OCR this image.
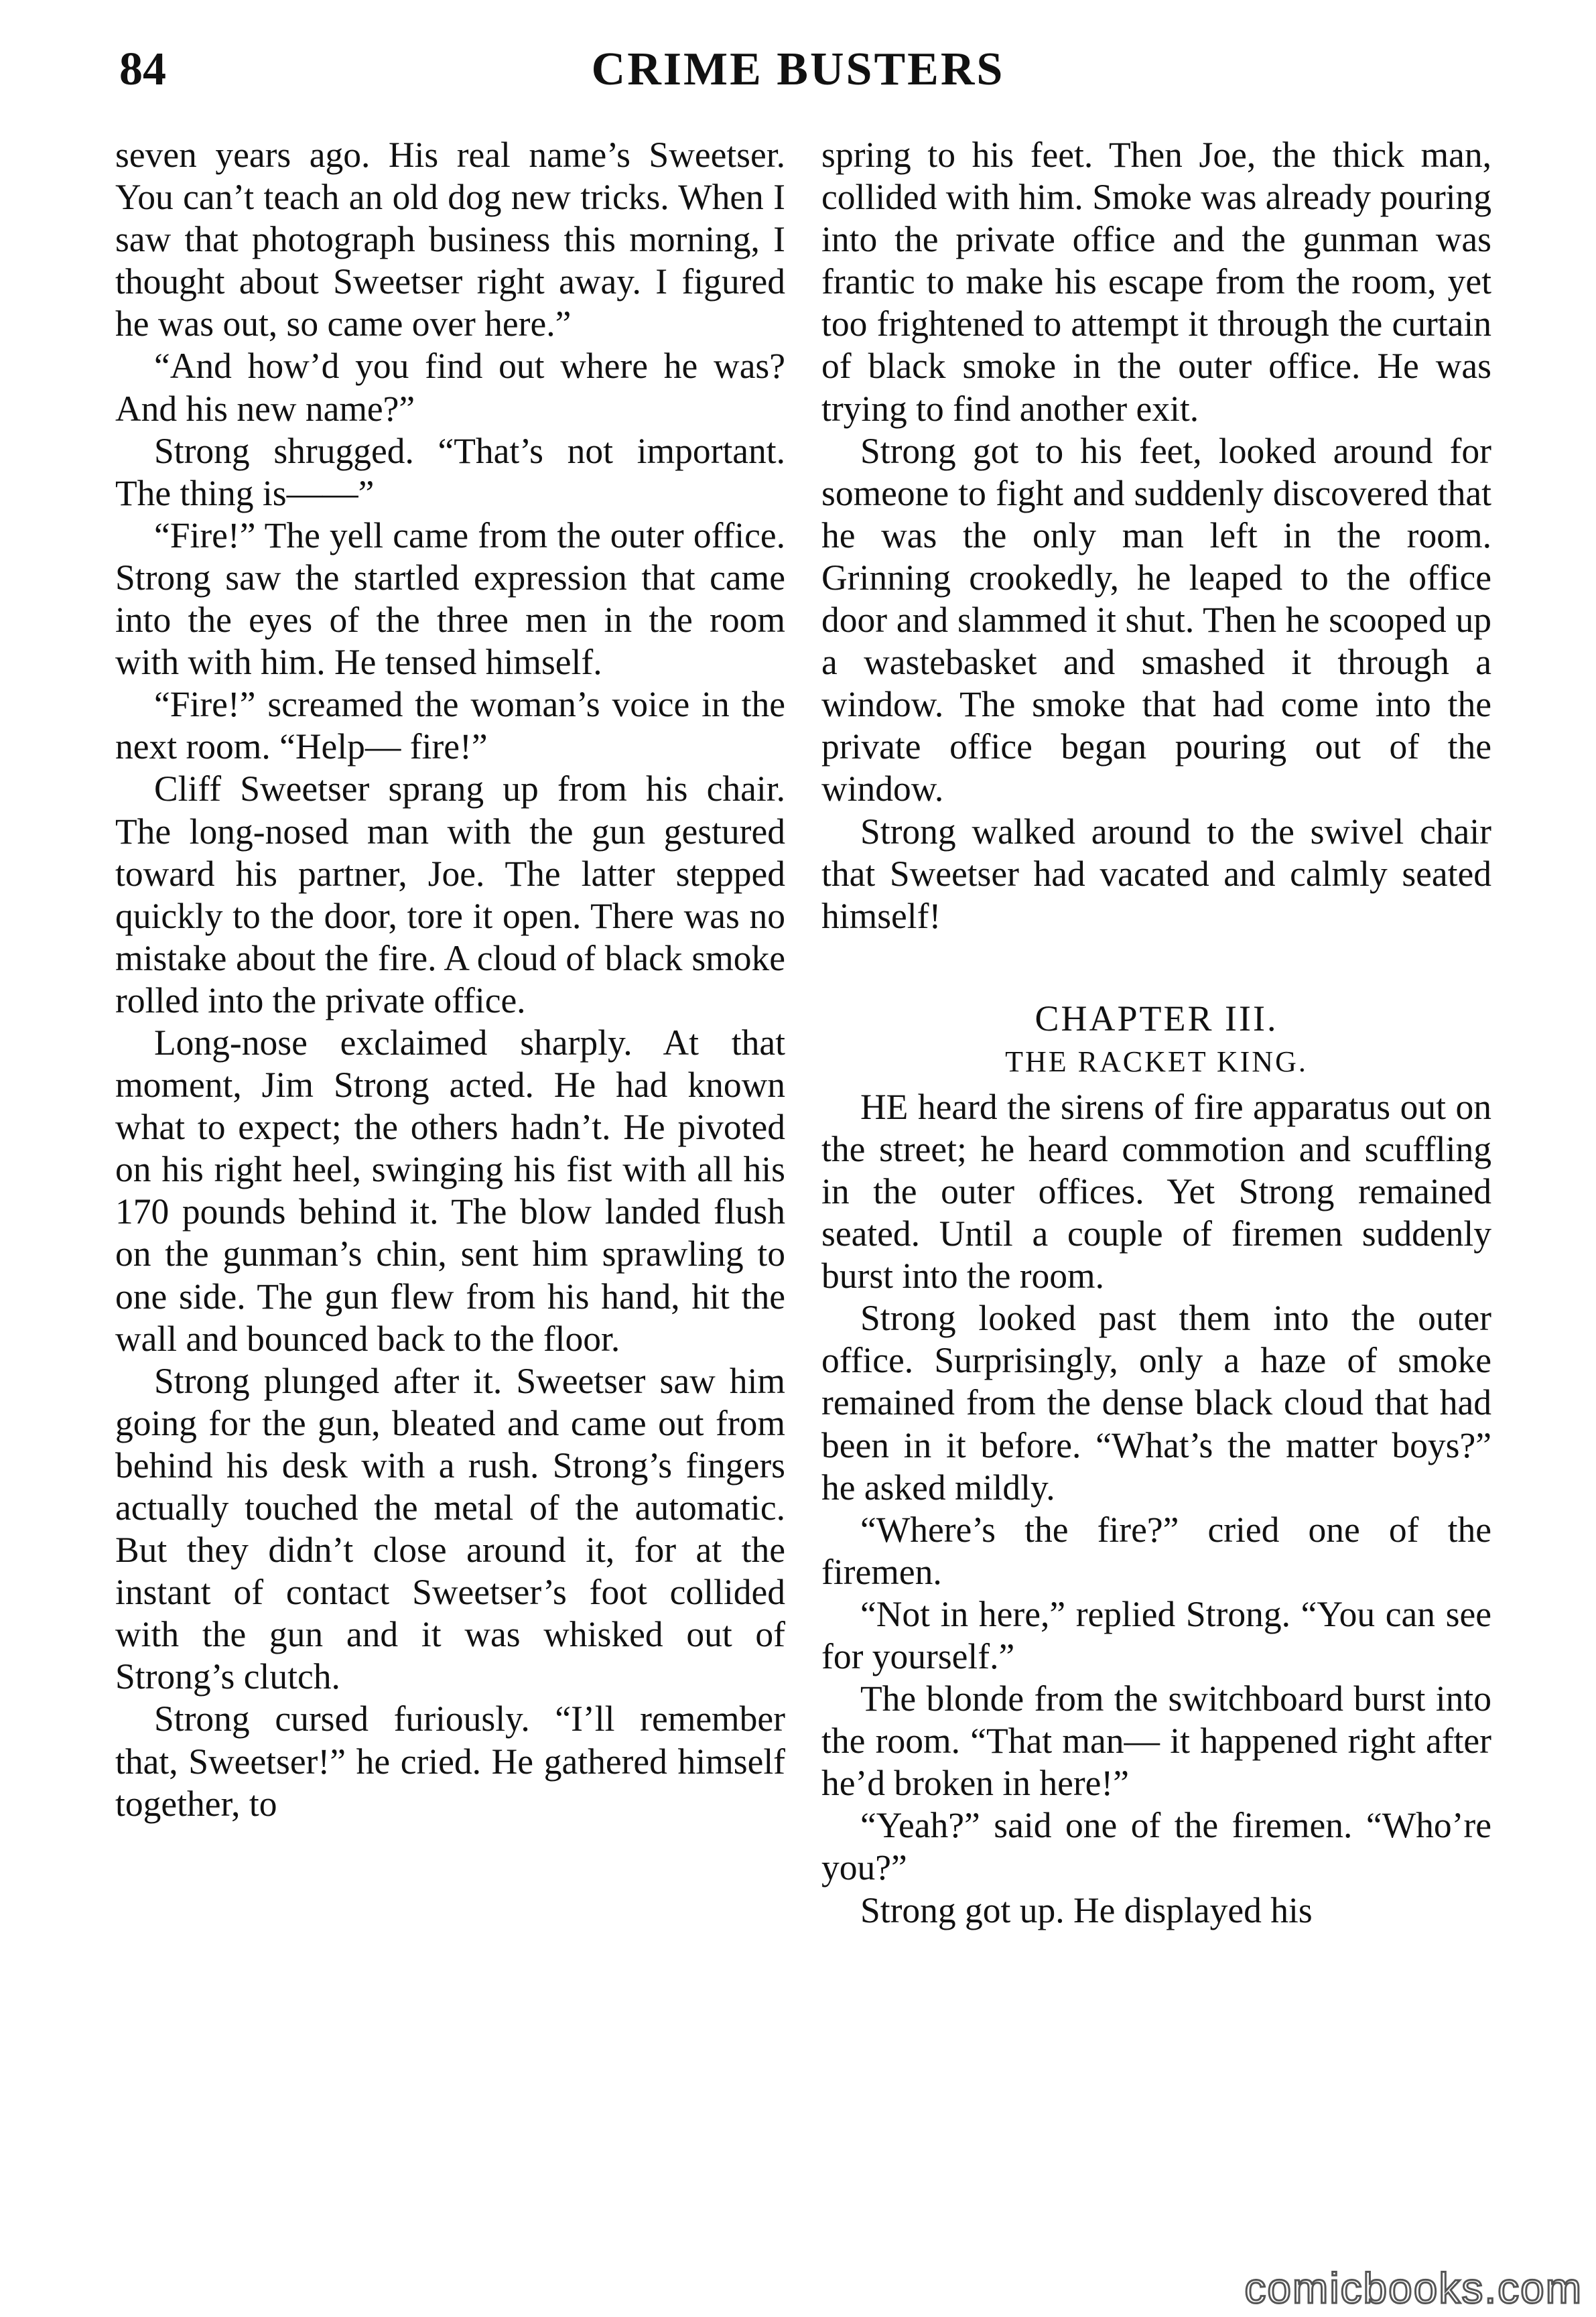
84	CRIME BUSTERS

seven years ago. His real name’s Sweetser. You can’t teach an old dog new tricks. When I saw that photograph business this morning, I thought about Sweetser right away. I figured he was out, so came over here.”

“And how’d you find out where he was? And his new name?”

Strong shrugged. “That’s not important. The thing is——”

“Fire!” The yell came from the outer office. Strong saw the startled expression that came into the eyes of the three men in the room with with him. He tensed himself.

“Fire!” screamed the woman’s voice in the next room. “Help— fire!”

Cliff Sweetser sprang up from his chair. The long-nosed man with the gun gestured toward his partner, Joe. The latter stepped quickly to the door, tore it open. There was no mistake about the fire. A cloud of black smoke rolled into the private office.

Long-nose exclaimed sharply. At that moment, Jim Strong acted. He had known what to expect; the others hadn’t. He pivoted on his right heel, swinging his fist with all his 170 pounds behind it. The blow landed flush on the gunman’s chin, sent him sprawling to one side. The gun flew from his hand, hit the wall and bounced back to the floor.

Strong plunged after it. Sweetser saw him going for the gun, bleated and came out from behind his desk with a rush. Strong’s fingers actually touched the metal of the automatic. But they didn’t close around it, for at the instant of contact Sweetser’s foot collided with the gun and it was whisked out of Strong’s clutch.

Strong cursed furiously. “I’ll remember that, Sweetser!” he cried. He gathered himself together, to

spring to his feet. Then Joe, the thick man, collided with him. Smoke was already pouring into the private office and the gunman was frantic to make his escape from the room, yet too frightened to attempt it through the curtain of black smoke in the outer office. He was trying to find another exit.

Strong got to his feet, looked around for someone to fight and suddenly discovered that he was the only man left in the room. Grinning crookedly, he leaped to the office door and slammed it shut. Then he scooped up a wastebasket and smashed it through a window. The smoke that had come into the private office began pouring out of the window.

Strong walked around to the swivel chair that Sweetser had vacated and calmly seated himself!

CHAPTER III.
THE RACKET KING.

HE heard the sirens of fire apparatus out on the street; he heard commotion and scuffling in the outer offices. Yet Strong remained seated. Until a couple of firemen suddenly burst into the room.

Strong looked past them into the outer office. Surprisingly, only a haze of smoke remained from the dense black cloud that had been in it before. “What’s the matter boys?” he asked mildly.

“Where’s the fire?” cried one of the firemen.

“Not in here,” replied Strong. “You can see for yourself.”

The blonde from the switchboard burst into the room. “That man— it happened right after he’d broken in here!”

“Yeah?” said one of the firemen. “Who’re you?”

Strong got up. He displayed his

comicbooks.com
